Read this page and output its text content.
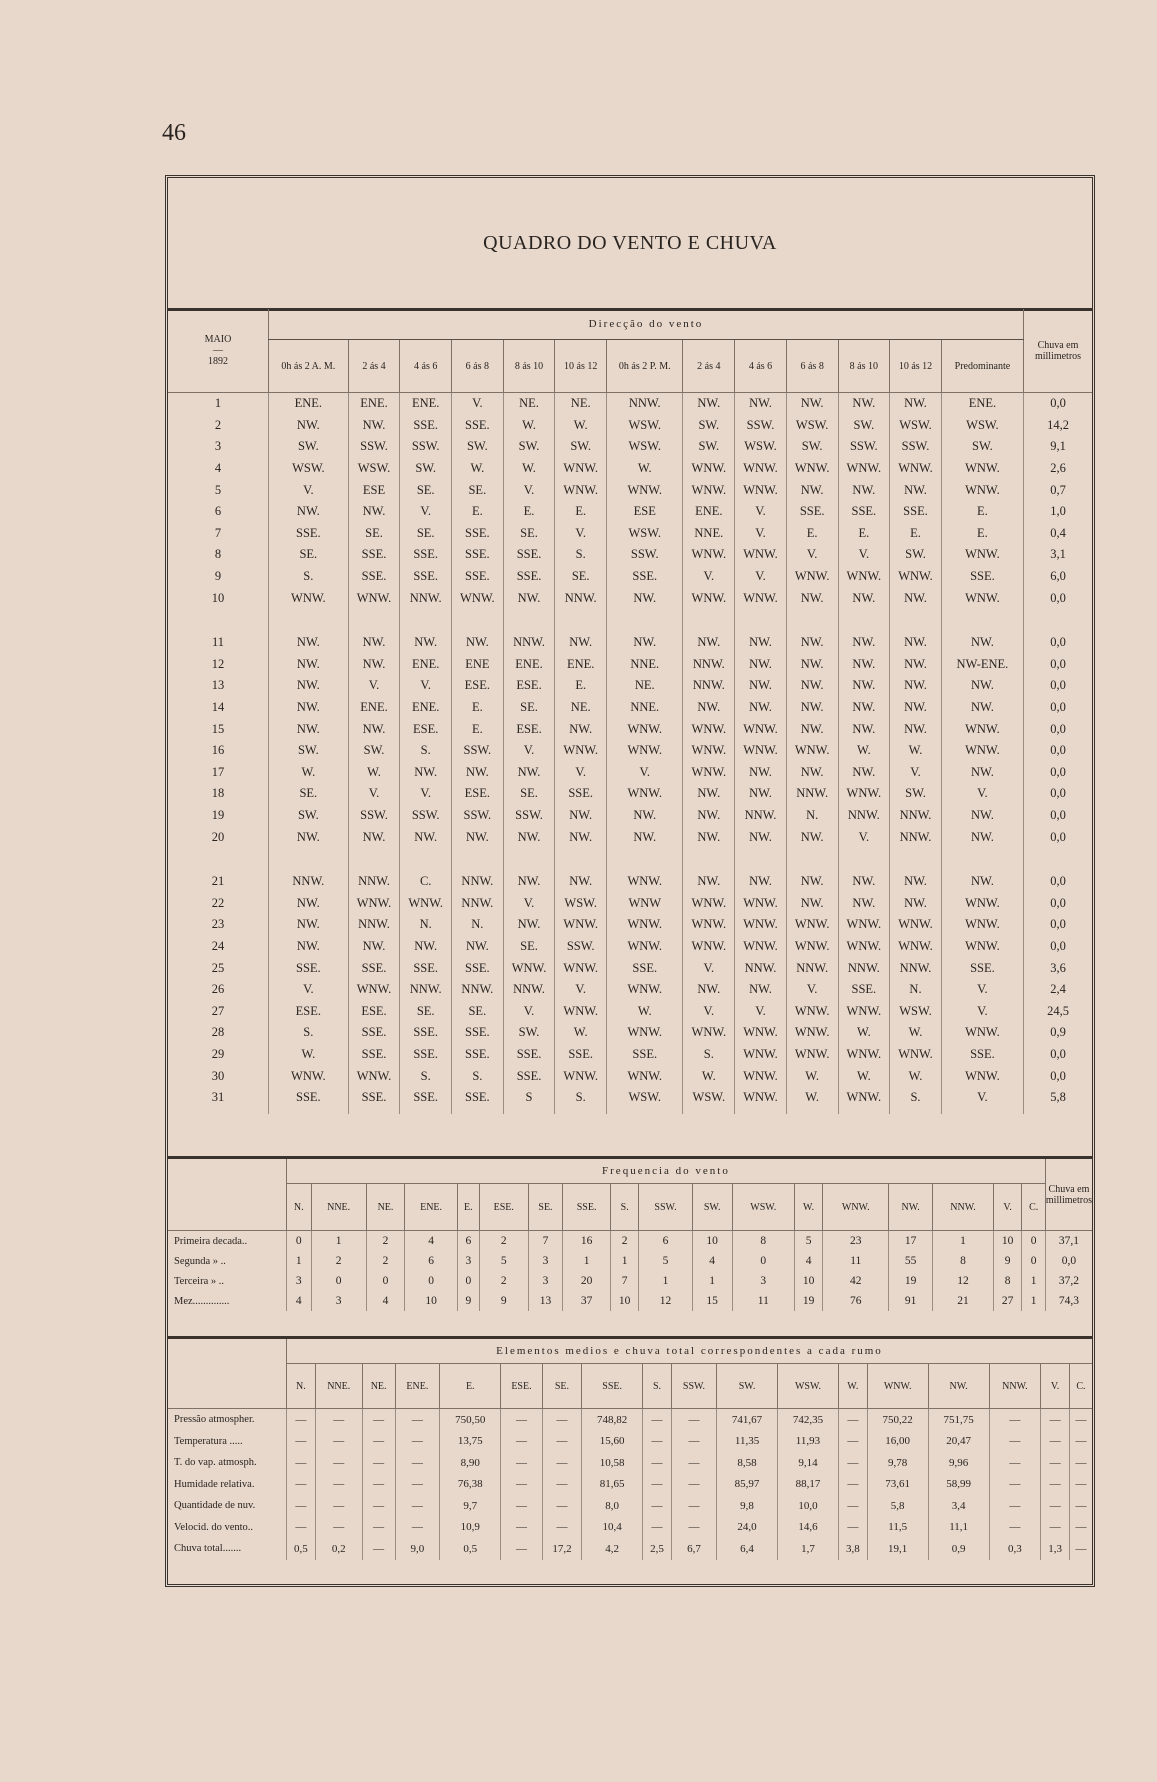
46
QUADRO DO VENTO E CHUVA
MAIO
—
1892	Direcção do vento													Chuva em millimetros
	0h ás 2 A. M.	2 ás 4	4 ás 6	6 ás 8	8 ás 10	10 ás 12	0h ás 2 P. M.	2 ás 4	4 ás 6	6 ás 8	8 ás 10	10 ás 12	Predominante	
1	ENE.	ENE.	ENE.	V.	NE.	NE.	NNW.	NW.	NW.	NW.	NW.	NW.	ENE.	0,0
2	NW.	NW.	SSE.	SSE.	W.	W.	WSW.	SW.	SSW.	WSW.	SW.	WSW.	WSW.	14,2
3	SW.	SSW.	SSW.	SW.	SW.	SW.	WSW.	SW.	WSW.	SW.	SSW.	SSW.	SW.	9,1
4	WSW.	WSW.	SW.	W.	W.	WNW.	W.	WNW.	WNW.	WNW.	WNW.	WNW.	WNW.	2,6
5	V.	ESE	SE.	SE.	V.	WNW.	WNW.	WNW.	WNW.	NW.	NW.	NW.	WNW.	0,7
6	NW.	NW.	V.	E.	E.	E.	ESE	ENE.	V.	SSE.	SSE.	SSE.	E.	1,0
7	SSE.	SE.	SE.	SSE.	SE.	V.	WSW.	NNE.	V.	E.	E.	E.	E.	0,4
8	SE.	SSE.	SSE.	SSE.	SSE.	S.	SSW.	WNW.	WNW.	V.	V.	SW.	WNW.	3,1
9	S.	SSE.	SSE.	SSE.	SSE.	SE.	SSE.	V.	V.	WNW.	WNW.	WNW.	SSE.	6,0
10	WNW.	WNW.	NNW.	WNW.	NW.	NNW.	NW.	WNW.	WNW.	NW.	NW.	NW.	WNW.	0,0

11	NW.	NW.	NW.	NW.	NNW.	NW.	NW.	NW.	NW.	NW.	NW.	NW.	NW.	0,0
12	NW.	NW.	ENE.	ENE	ENE.	ENE.	NNE.	NNW.	NW.	NW.	NW.	NW.	NW-ENE.	0,0
13	NW.	V.	V.	ESE.	ESE.	E.	NE.	NNW.	NW.	NW.	NW.	NW.	NW.	0,0
14	NW.	ENE.	ENE.	E.	SE.	NE.	NNE.	NW.	NW.	NW.	NW.	NW.	NW.	0,0
15	NW.	NW.	ESE.	E.	ESE.	NW.	WNW.	WNW.	WNW.	NW.	NW.	NW.	WNW.	0,0
16	SW.	SW.	S.	SSW.	V.	WNW.	WNW.	WNW.	WNW.	WNW.	W.	W.	WNW.	0,0
17	W.	W.	NW.	NW.	NW.	V.	V.	WNW.	NW.	NW.	NW.	V.	NW.	0,0
18	SE.	V.	V.	ESE.	SE.	SSE.	WNW.	NW.	NW.	NNW.	WNW.	SW.	V.	0,0
19	SW.	SSW.	SSW.	SSW.	SSW.	NW.	NW.	NW.	NNW.	N.	NNW.	NNW.	NW.	0,0
20	NW.	NW.	NW.	NW.	NW.	NW.	NW.	NW.	NW.	NW.	V.	NNW.	NW.	0,0

21	NNW.	NNW.	C.	NNW.	NW.	NW.	WNW.	NW.	NW.	NW.	NW.	NW.	NW.	0,0
22	NW.	WNW.	WNW.	NNW.	V.	WSW.	WNW	WNW.	WNW.	NW.	NW.	NW.	WNW.	0,0
23	NW.	NNW.	N.	N.	NW.	WNW.	WNW.	WNW.	WNW.	WNW.	WNW.	WNW.	WNW.	0,0
24	NW.	NW.	NW.	NW.	SE.	SSW.	WNW.	WNW.	WNW.	WNW.	WNW.	WNW.	WNW.	0,0
25	SSE.	SSE.	SSE.	SSE.	WNW.	WNW.	SSE.	V.	NNW.	NNW.	NNW.	NNW.	SSE.	3,6
26	V.	WNW.	NNW.	NNW.	NNW.	V.	WNW.	NW.	NW.	V.	SSE.	N.	V.	2,4
27	ESE.	ESE.	SE.	SE.	V.	WNW.	W.	V.	V.	WNW.	WNW.	WSW.	V.	24,5
28	S.	SSE.	SSE.	SSE.	SW.	W.	WNW.	WNW.	WNW.	WNW.	W.	W.	WNW.	0,9
29	W.	SSE.	SSE.	SSE.	SSE.	SSE.	SSE.	S.	WNW.	WNW.	WNW.	WNW.	SSE.	0,0
30	WNW.	WNW.	S.	S.	SSE.	WNW.	WNW.	W.	WNW.	W.	W.	W.	WNW.	0,0
31	SSE.	SSE.	SSE.	SSE.	S	S.	WSW.	WSW.	WNW.	W.	WNW.	S.	V.	5,8
	Frequencia do vento																		Chuva em millimetros
	N.	NNE.	NE.	ENE.	E.	ESE.	SE.	SSE.	S.	SSW.	SW.	WSW.	W.	WNW.	NW.	NNW.	V.	C.	
Primeira decada..	0	1	2	4	6	2	7	16	2	6	10	8	5	23	17	1	10	0	37,1
Segunda » ..	1	2	2	6	3	5	3	1	1	5	4	0	4	11	55	8	9	0	0,0
Terceira » ..	3	0	0	0	0	2	3	20	7	1	1	3	10	42	19	12	8	1	37,2
Mez..............	4	3	4	10	9	9	13	37	10	12	15	11	19	76	91	21	27	1	74,3
	Elementos medios e chuva total correspondentes a cada rumo																	
	N.	NNE.	NE.	ENE.	E.	ESE.	SE.	SSE.	S.	SSW.	SW.	WSW.	W.	WNW.	NW.	NNW.	V.	C.
Pressão atmospher.	—	—	—	—	750,50	—	—	748,82	—	—	741,67	742,35	—	750,22	751,75	—	—	—
Temperatura .....	—	—	—	—	13,75	—	—	15,60	—	—	11,35	11,93	—	16,00	20,47	—	—	—
T. do vap. atmosph.	—	—	—	—	8,90	—	—	10,58	—	—	8,58	9,14	—	9,78	9,96	—	—	—
Humidade relativa.	—	—	—	—	76,38	—	—	81,65	—	—	85,97	88,17	—	73,61	58,99	—	—	—
Quantidade de nuv.	—	—	—	—	9,7	—	—	8,0	—	—	9,8	10,0	—	5,8	3,4	—	—	—
Velocid. do vento..	—	—	—	—	10,9	—	—	10,4	—	—	24,0	14,6	—	11,5	11,1	—	—	—
Chuva total.......	0,5	0,2	—	9,0	0,5	—	17,2	4,2	2,5	6,7	6,4	1,7	3,8	19,1	0,9	0,3	1,3	—
